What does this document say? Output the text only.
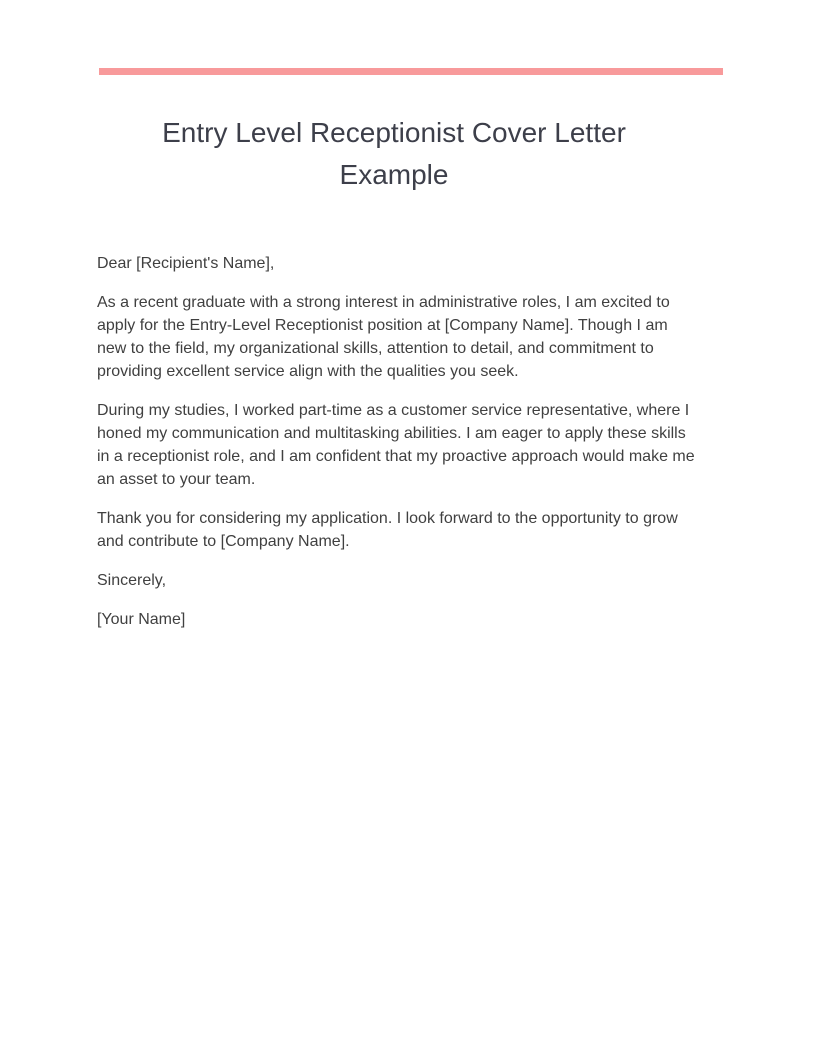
Entry Level Receptionist Cover Letter Example

Dear [Recipient's Name],

As a recent graduate with a strong interest in administrative roles, I am excited to apply for the Entry-Level Receptionist position at [Company Name]. Though I am new to the field, my organizational skills, attention to detail, and commitment to providing excellent service align with the qualities you seek.

During my studies, I worked part-time as a customer service representative, where I honed my communication and multitasking abilities. I am eager to apply these skills in a receptionist role, and I am confident that my proactive approach would make me an asset to your team.

Thank you for considering my application. I look forward to the opportunity to grow and contribute to [Company Name].

Sincerely,

[Your Name]
